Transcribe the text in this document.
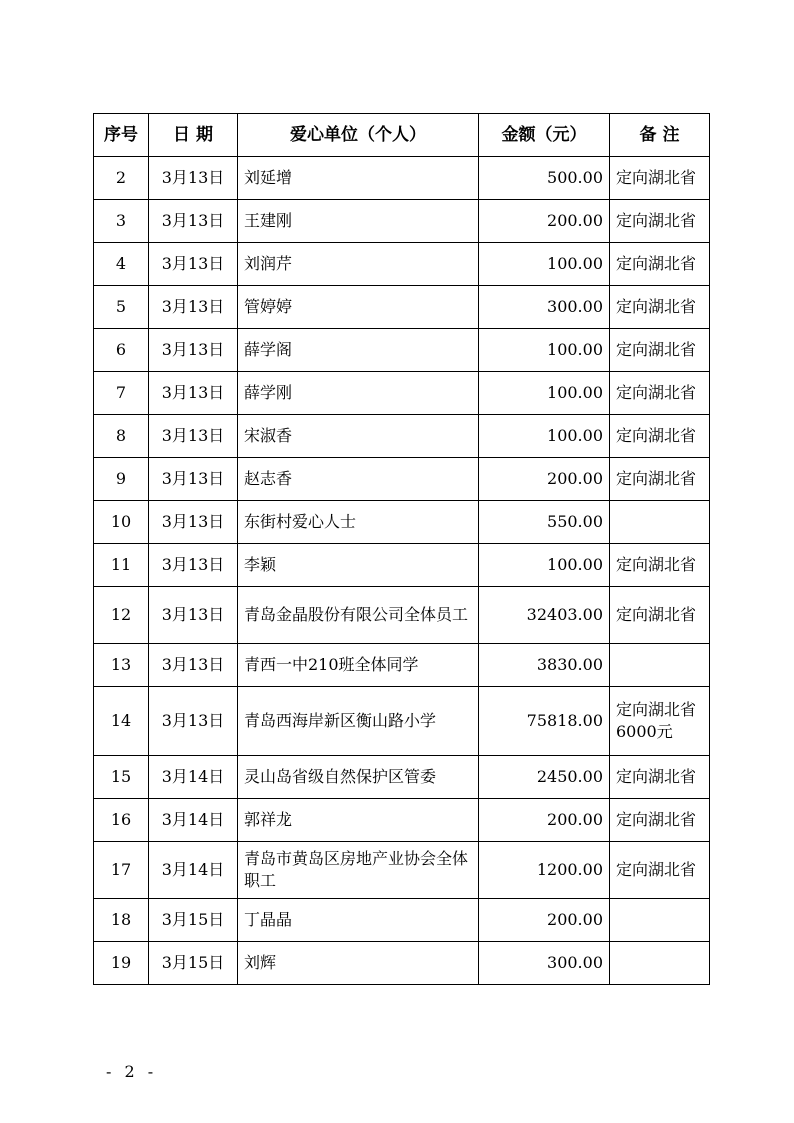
序号	日 期	爱心单位（个人）	金额（元）	备 注
2	3月13日	刘延增	500.00	定向湖北省
3	3月13日	王建刚	200.00	定向湖北省
4	3月13日	刘润芹	100.00	定向湖北省
5	3月13日	管婷婷	300.00	定向湖北省
6	3月13日	薛学阁	100.00	定向湖北省
7	3月13日	薛学刚	100.00	定向湖北省
8	3月13日	宋淑香	100.00	定向湖北省
9	3月13日	赵志香	200.00	定向湖北省
10	3月13日	东街村爱心人士	550.00	
11	3月13日	李颖	100.00	定向湖北省
12	3月13日	青岛金晶股份有限公司全体员工	32403.00	定向湖北省
13	3月13日	青西一中210班全体同学	3830.00	
14	3月13日	青岛西海岸新区衡山路小学	75818.00	定向湖北省6000元
15	3月14日	灵山岛省级自然保护区管委	2450.00	定向湖北省
16	3月14日	郭祥龙	200.00	定向湖北省
17	3月14日	青岛市黄岛区房地产业协会全体职工	1200.00	定向湖北省
18	3月15日	丁晶晶	200.00	
19	3月15日	刘辉	300.00	
- 2 -
